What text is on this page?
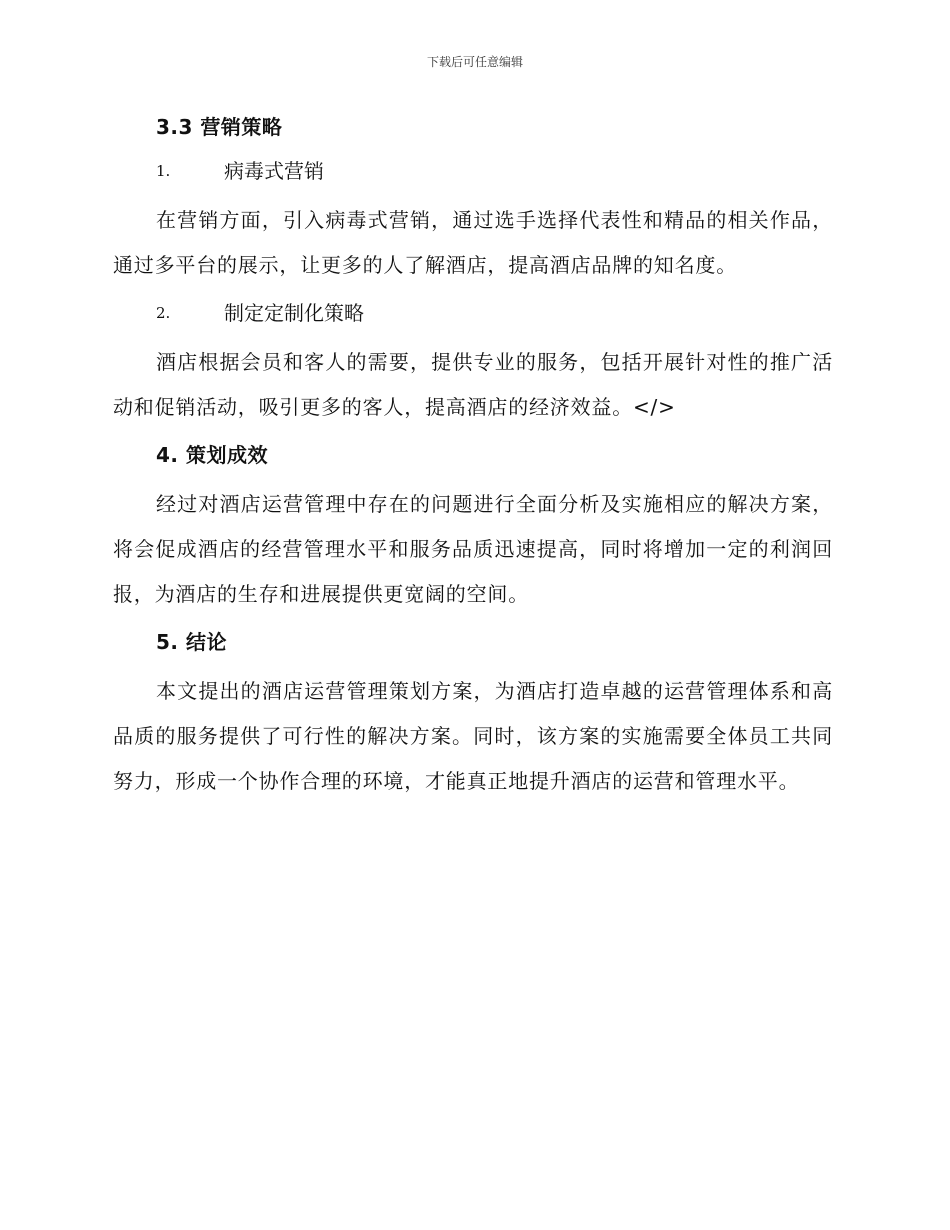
下载后可任意编辑
3.3 营销策略
1.	病毒式营销

在营销方面，引入病毒式营销，通过选手选择代表性和精品的相关作品，通过多平台的展示，让更多的人了解酒店，提高酒店品牌的知名度。

2.	制定定制化策略

酒店根据会员和客人的需要，提供专业的服务，包括开展针对性的推广活动和促销活动，吸引更多的客人，提高酒店的经济效益。</>

4. 策划成效

经过对酒店运营管理中存在的问题进行全面分析及实施相应的解决方案，将会促成酒店的经营管理水平和服务品质迅速提高，同时将增加一定的利润回报，为酒店的生存和进展提供更宽阔的空间。

5. 结论

本文提出的酒店运营管理策划方案，为酒店打造卓越的运营管理体系和高品质的服务提供了可行性的解决方案。同时，该方案的实施需要全体员工共同努力，形成一个协作合理的环境，才能真正地提升酒店的运营和管理水平。
